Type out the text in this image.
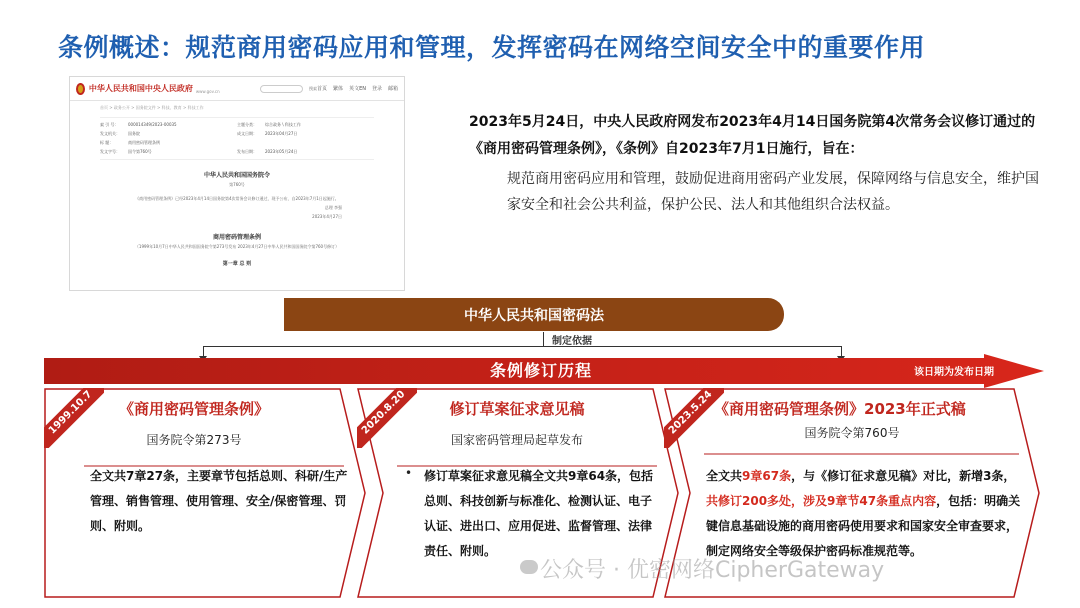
条例概述：规范商用密码应用和管理，发挥密码在网络空间安全中的重要作用
中华人民共和国中央人民政府 www.gov.cn
搜索 首页 繁体 英文EN 登录 邮箱
首页 > 政务公开 > 国务院文件 > 科技、教育 > 科技工作
索 引 号：	000014349/2023-00035	主题分类：	综合政务 \ 科技工作
发文机关：	国务院	成文日期：	2023年04月27日
标 题：	商用密码管理条例
发文字号：	国令第760号	发布日期：	2023年05月24日
中华人民共和国国务院令
第760号
《商用密码管理条例》已经2023年4月14日国务院第4次常务会议修订通过，现予公布，自2023年7月1日起施行。
总理 李强
2023年4月27日
商用密码管理条例
（1999年10月7日中华人民共和国国务院令第273号发布 2023年4月27日中华人民共和国国务院令第760号修订）
第一章 总 则
2023年5月24日，中央人民政府网发布2023年4月14日国务院第4次常务会议修订通过的《商用密码管理条例》，《条例》自2023年7月1日施行，旨在：
规范商用密码应用和管理，鼓励促进商用密码产业发展，保障网络与信息安全，维护国家安全和社会公共利益，保护公民、法人和其他组织合法权益。
中华人民共和国密码法
制定依据
条例修订历程	该日期为发布日期
1999.10.7	《商用密码管理条例》
国务院令第273号
全文共7章27条，主要章节包括总则、科研/生产管理、销售管理、使用管理、安全/保密管理、罚则、附则。
2020.8.20	修订草案征求意见稿
国家密码管理局起草发布
• 修订草案征求意见稿全文共9章64条，包括总则、科技创新与标准化、检测认证、电子认证、进出口、应用促进、监督管理、法律责任、附则。
2023.5.24 《商用密码管理条例》2023年正式稿
国务院令第760号
全文共9章67条，与《修订征求意见稿》对比，新增3条，共修订200多处，涉及9章节47条重点内容，包括：明确关键信息基础设施的商用密码使用要求和国家安全审查要求，制定网络安全等级保护密码标准规范等。
公众号 · 优密网络CipherGateway
